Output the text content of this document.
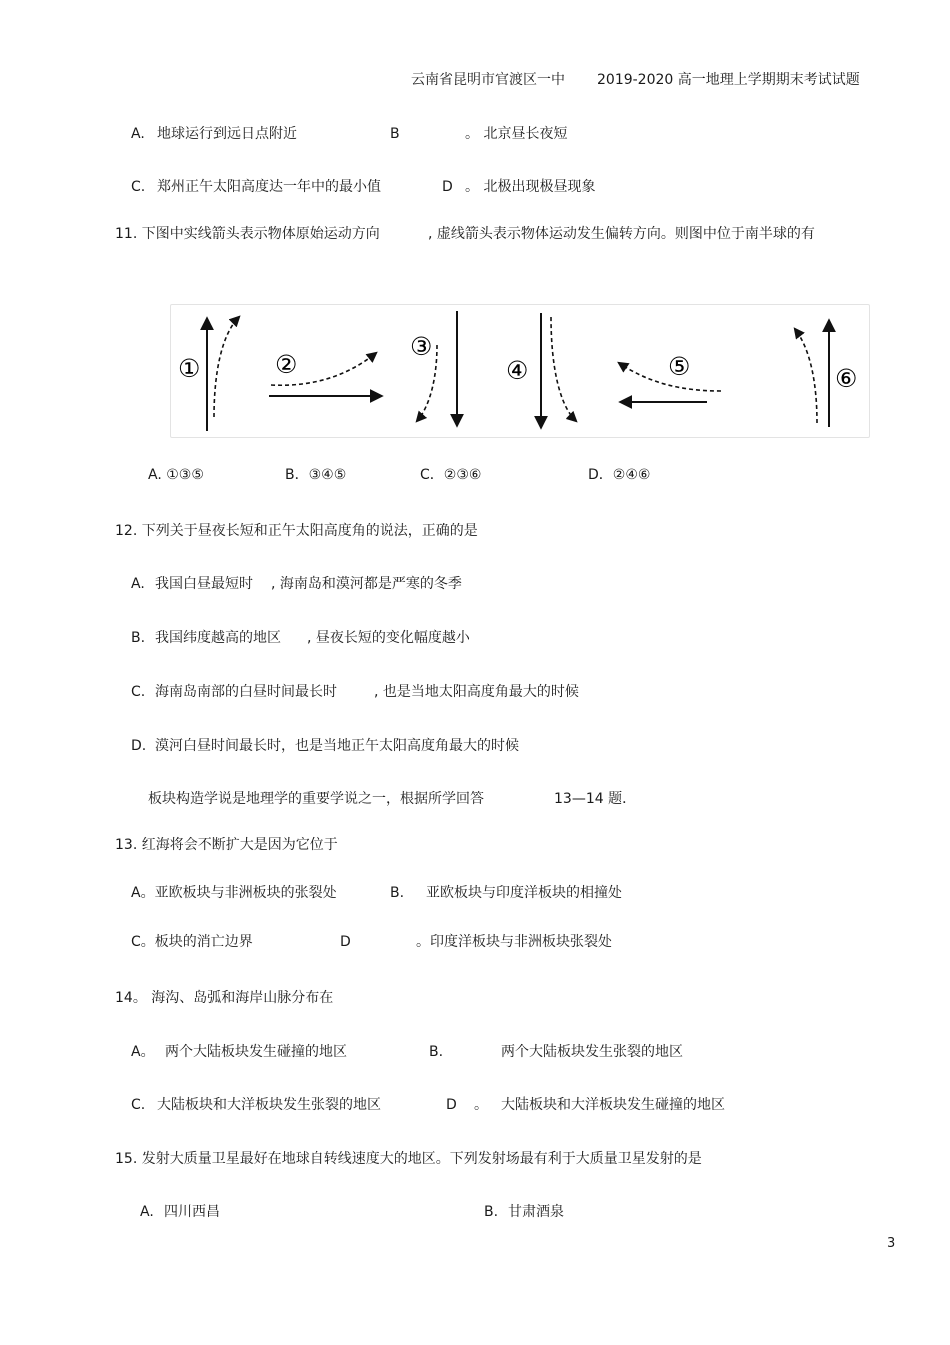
云南省昆明市官渡区一中 2019-2020 高一地理上学期期末考试试题
A. 地球运行到远日点附近	B	。 北京昼长夜短
C. 郑州正午太阳高度达一年中的最小值	D 。 北极出现极昼现象
11. 下图中实线箭头表示物体原始运动方向	, 虚线箭头表示物体运动发生偏转方向。则图中位于南半球的有
①	②
③
④	⑤	⑥
A. ①③⑤	B．③④⑤	C．②③⑥	D．②④⑥
12. 下列关于昼夜长短和正午太阳高度角的说法，正确的是
A. 我国白昼最短时 , 海南岛和漠河都是严寒的冬季
B. 我国纬度越高的地区 , 昼夜长短的变化幅度越小
C. 海南岛南部的白昼时间最长时	, 也是当地太阳高度角最大的时候
D. 漠河白昼时间最长时，也是当地正午太阳高度角最大的时候
板块构造学说是地理学的重要学说之一，根据所学回答	13—14 题．
13. 红海将会不断扩大是因为它位于
A。亚欧板块与非洲板块的张裂处	B. 亚欧板块与印度洋板块的相撞处
C。板块的消亡边界	D	。印度洋板块与非洲板块张裂处
14。 海沟、岛弧和海岸山脉分布在
A。 两个大陆板块发生碰撞的地区	B.	两个大陆板块发生张裂的地区
C. 大陆板块和大洋板块发生张裂的地区	D 。 大陆板块和大洋板块发生碰撞的地区
15. 发射大质量卫星最好在地球自转线速度大的地区。下列发射场最有利于大质量卫星发射的是
A. 四川西昌	B. 甘肃酒泉
3
